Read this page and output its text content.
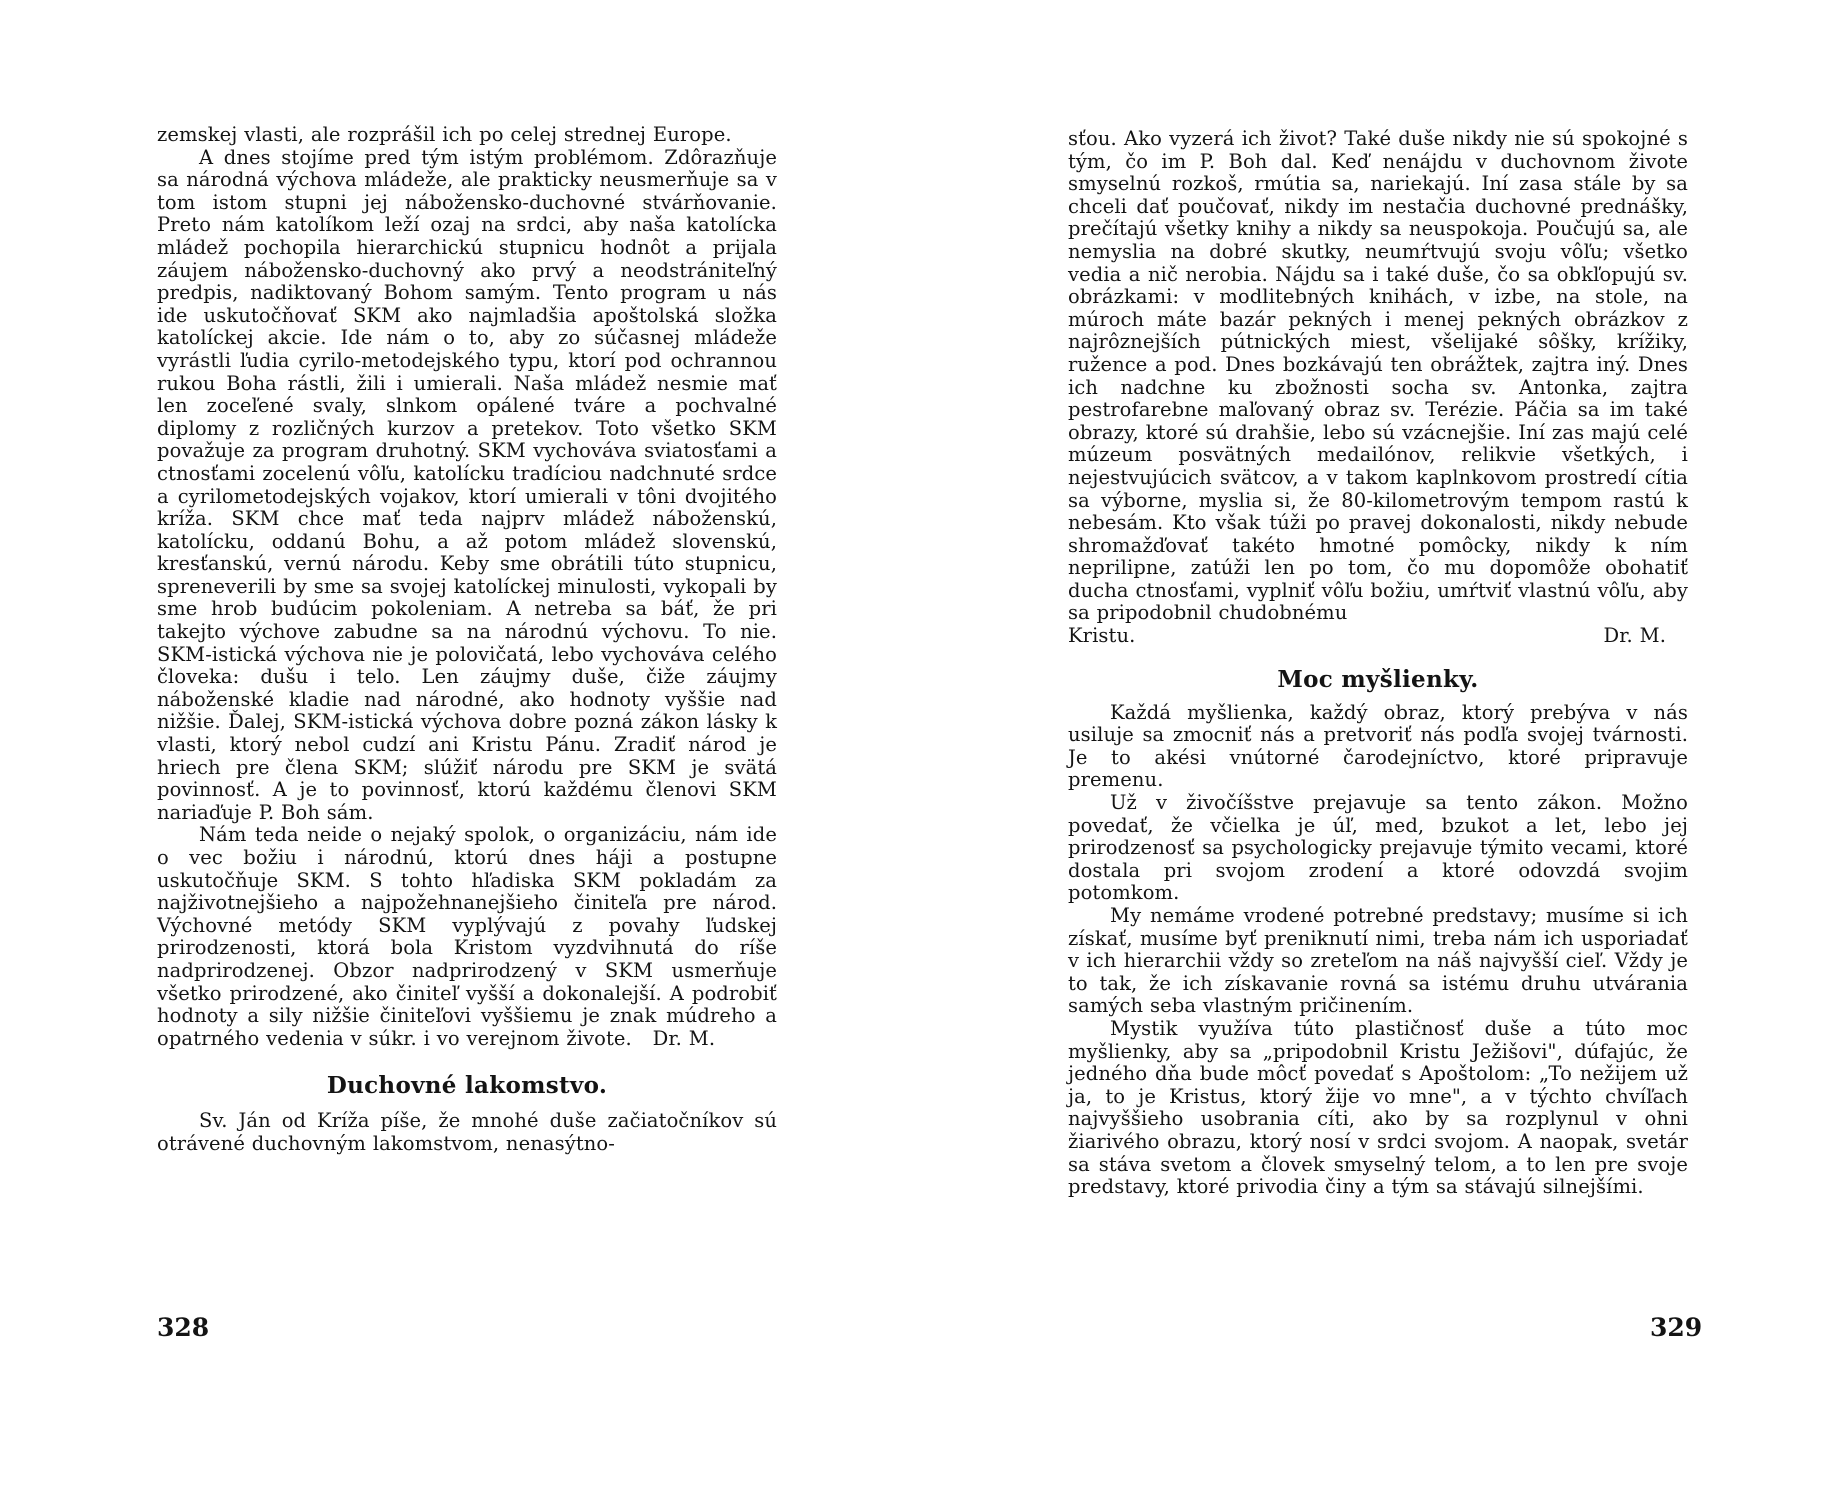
zemskej vlasti, ale rozprášil ich po celej strednej Europe.

A dnes stojíme pred tým istým problémom. Zdôrazňuje sa národná výchova mládeže, ale prakticky neusmerňuje sa v tom istom stupni jej nábožensko-duchovné stvárňovanie. Preto nám katolíkom leží ozaj na srdci, aby naša katolícka mládež pochopila hierarchickú stupnicu hodnôt a prijala záujem nábožensko-duchovný ako prvý a neodstrániteľný predpis, nadiktovaný Bohom samým. Tento program u nás ide uskutočňovať SKM ako najmladšia apoštolská složka katolíckej akcie. Ide nám o to, aby zo súčasnej mládeže vyrástli ľudia cyrilo-metodejského typu, ktorí pod ochrannou rukou Boha rástli, žili i umierali. Naša mládež nesmie mať len zoceľené svaly, slnkom opálené tváre a pochvalné diplomy z rozličných kurzov a pretekov. Toto všetko SKM považuje za program druhotný. SKM vychováva sviatosťami a ctnosťami zocelenú vôľu, katolícku tradíciou nadchnuté srdce a cyrilometodejských vojakov, ktorí umierali v tôni dvojitého kríža. SKM chce mať teda najprv mládež náboženskú, katolícku, oddanú Bohu, a až potom mládež slovenskú, kresťanskú, vernú národu. Keby sme obrátili túto stupnicu, spreneverili by sme sa svojej katolíckej minulosti, vykopali by sme hrob budúcim pokoleniam. A netreba sa báť, že pri takejto výchove zabudne sa na národnú výchovu. To nie. SKM-istická výchova nie je polovičatá, lebo vychováva celého človeka: dušu i telo. Len záujmy duše, čiže záujmy náboženské kladie nad národné, ako hodnoty vyššie nad nižšie. Ďalej, SKM-istická výchova dobre pozná zákon lásky k vlasti, ktorý nebol cudzí ani Kristu Pánu. Zradiť národ je hriech pre člena SKM; slúžiť národu pre SKM je svätá povinnosť. A je to povinnosť, ktorú každému členovi SKM nariaďuje P. Boh sám.

Nám teda neide o nejaký spolok, o organizáciu, nám ide o vec božiu i národnú, ktorú dnes háji a postupne uskutočňuje SKM. S tohto hľadiska SKM pokladám za najživotnejšieho a najpožehnanejšieho činiteľa pre národ. Výchovné metódy SKM vyplývajú z povahy ľudskej prirodzenosti, ktorá bola Kristom vyzdvihnutá do ríše nadprirodzenej. Obzor nadprirodzený v SKM usmerňuje všetko prirodzené, ako činiteľ vyšší a dokonalejší. A podrobiť hodnoty a sily nižšie činiteľovi vyššiemu je znak múdreho a opatrného vedenia v súkr. i vo verejnom živote. Dr. M.

Duchovné lakomstvo.

Sv. Ján od Kríža píše, že mnohé duše začiatočníkov sú otrávené duchovným lakomstvom, nenasýtno-

328

sťou. Ako vyzerá ich život? Také duše nikdy nie sú spokojné s tým, čo im P. Boh dal. Keď nenájdu v duchovnom živote smyselnú rozkoš, rmútia sa, nariekajú. Iní zasa stále by sa chceli dať poučovať, nikdy im nestačia duchovné prednášky, prečítajú všetky knihy a nikdy sa neuspokoja. Poučujú sa, ale nemyslia na dobré skutky, neumŕtvujú svoju vôľu; všetko vedia a nič nerobia. Nájdu sa i také duše, čo sa obkľopujú sv. obrázkami: v modlitebných knihách, v izbe, na stole, na múroch máte bazár pekných i menej pekných obrázkov z najrôznejších pútnických miest, všelijaké sôšky, krížiky, ružence a pod. Dnes bozkávajú ten obrážtek, zajtra iný. Dnes ich nadchne ku zbožnosti socha sv. Antonka, zajtra pestrofarebne maľovaný obraz sv. Terézie. Páčia sa im také obrazy, ktoré sú drahšie, lebo sú vzácnejšie. Iní zas majú celé múzeum posvätných medailónov, relikvie všetkých, i nejestvujúcich svätcov, a v takom kaplnkovom prostredí cítia sa výborne, myslia si, že 80-kilometrovým tempom rastú k nebesám. Kto však túži po pravej dokonalosti, nikdy nebude shromažďovať takéto hmotné pomôcky, nikdy k ním neprilipne, zatúži len po tom, čo mu dopomôže obohatiť ducha ctnosťami, vyplniť vôľu božiu, umŕtviť vlastnú vôľu, aby sa pripodobnil chudobnému

Kristu.	Dr. M.
Moc myšlienky.

Každá myšlienka, každý obraz, ktorý prebýva v nás usiluje sa zmocniť nás a pretvoriť nás podľa svojej tvárnosti. Je to akési vnútorné čarodejníctvo, ktoré pripravuje premenu.

Už v živočíšstve prejavuje sa tento zákon. Možno povedať, že včielka je úľ, med, bzukot a let, lebo jej prirodzenosť sa psychologicky prejavuje týmito vecami, ktoré dostala pri svojom zrodení a ktoré odovzdá svojim potomkom.

My nemáme vrodené potrebné predstavy; musíme si ich získať, musíme byť preniknutí nimi, treba nám ich usporiadať v ich hierarchii vždy so zreteľom na náš najvyšší cieľ. Vždy je to tak, že ich získavanie rovná sa istému druhu utvárania samých seba vlastným pričinením.

Mystik využíva túto plastičnosť duše a túto moc myšlienky, aby sa „pripodobnil Kristu Ježišovi", dúfajúc, že jedného dňa bude môcť povedať s Apoštolom: „To nežijem už ja, to je Kristus, ktorý žije vo mne", a v týchto chvíľach najvyššieho usobrania cíti, ako by sa rozplynul v ohni žiarivého obrazu, ktorý nosí v srdci svojom. A naopak, svetár sa stáva svetom a človek smyselný telom, a to len pre svoje predstavy, ktoré privodia činy a tým sa stávajú silnejšími.

329
